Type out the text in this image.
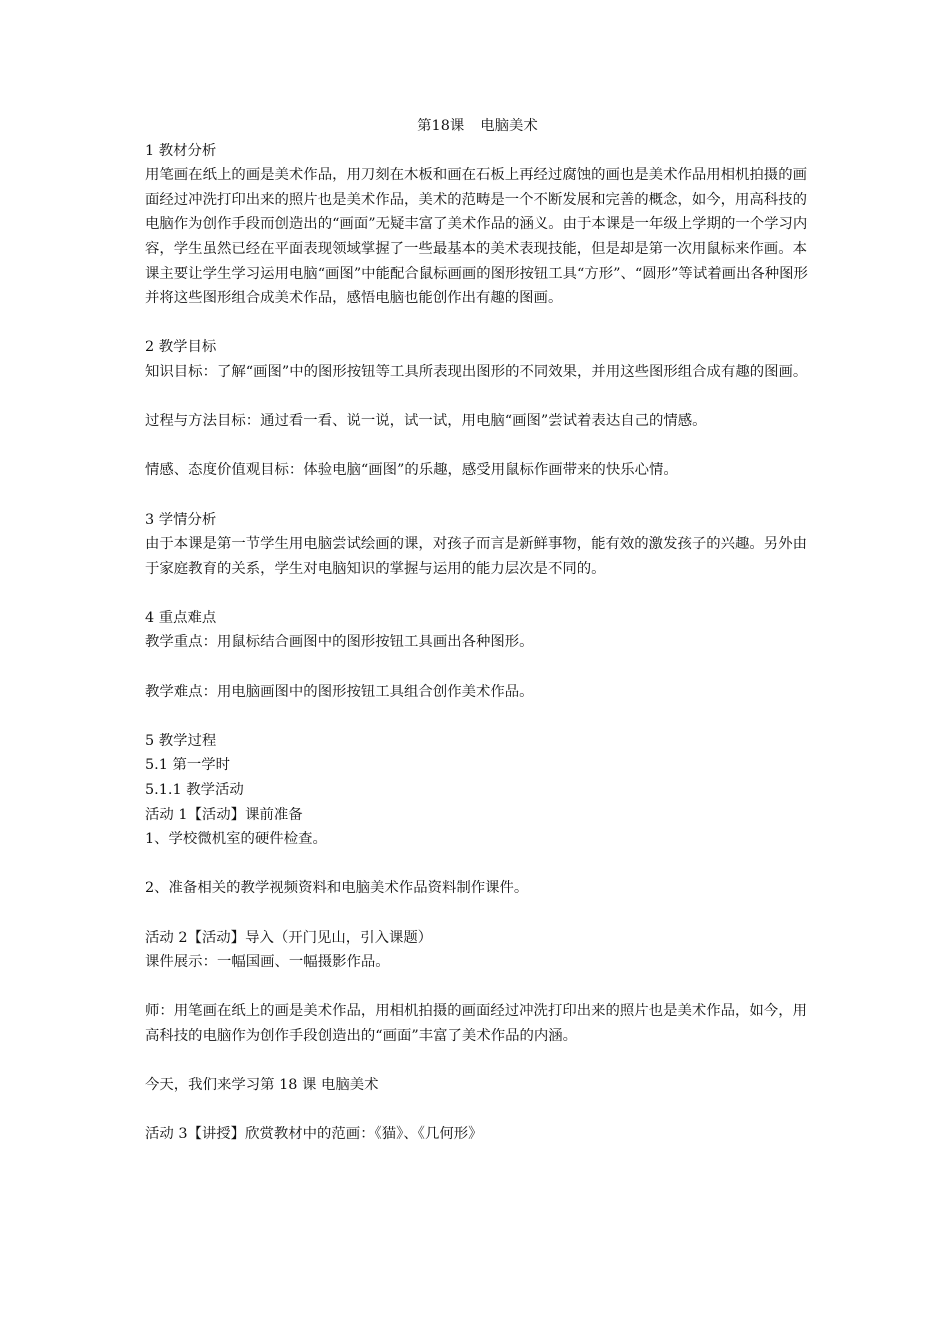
第18课 电脑美术

1 教材分析

用笔画在纸上的画是美术作品，用刀刻在木板和画在石板上再经过腐蚀的画也是美术作品用相机拍摄的画面经过冲洗打印出来的照片也是美术作品，美术的范畴是一个不断发展和完善的概念，如今，用高科技的电脑作为创作手段而创造出的“画面”无疑丰富了美术作品的涵义。由于本课是一年级上学期的一个学习内容，学生虽然已经在平面表现领域掌握了一些最基本的美术表现技能，但是却是第一次用鼠标来作画。本课主要让学生学习运用电脑“画图”中能配合鼠标画画的图形按钮工具“方形”、“圆形”等试着画出各种图形并将这些图形组合成美术作品，感悟电脑也能创作出有趣的图画。

2 教学目标

知识目标：了解“画图”中的图形按钮等工具所表现出图形的不同效果，并用这些图形组合成有趣的图画。

过程与方法目标：通过看一看、说一说，试一试，用电脑“画图”尝试着表达自己的情感。

情感、态度价值观目标：体验电脑“画图”的乐趣，感受用鼠标作画带来的快乐心情。

3 学情分析

由于本课是第一节学生用电脑尝试绘画的课，对孩子而言是新鲜事物，能有效的激发孩子的兴趣。另外由于家庭教育的关系，学生对电脑知识的掌握与运用的能力层次是不同的。

4 重点难点

教学重点：用鼠标结合画图中的图形按钮工具画出各种图形。

教学难点：用电脑画图中的图形按钮工具组合创作美术作品。

5 教学过程

5.1 第一学时

5.1.1 教学活动

活动 1【活动】课前准备

1、学校微机室的硬件检查。

2、准备相关的教学视频资料和电脑美术作品资料制作课件。

活动 2【活动】导入（开门见山，引入课题）

课件展示：一幅国画、一幅摄影作品。

师：用笔画在纸上的画是美术作品，用相机拍摄的画面经过冲洗打印出来的照片也是美术作品，如今，用高科技的电脑作为创作手段创造出的“画面”丰富了美术作品的内涵。

今天，我们来学习第 18 课 电脑美术

活动 3【讲授】欣赏教材中的范画：《猫》、《几何形》
